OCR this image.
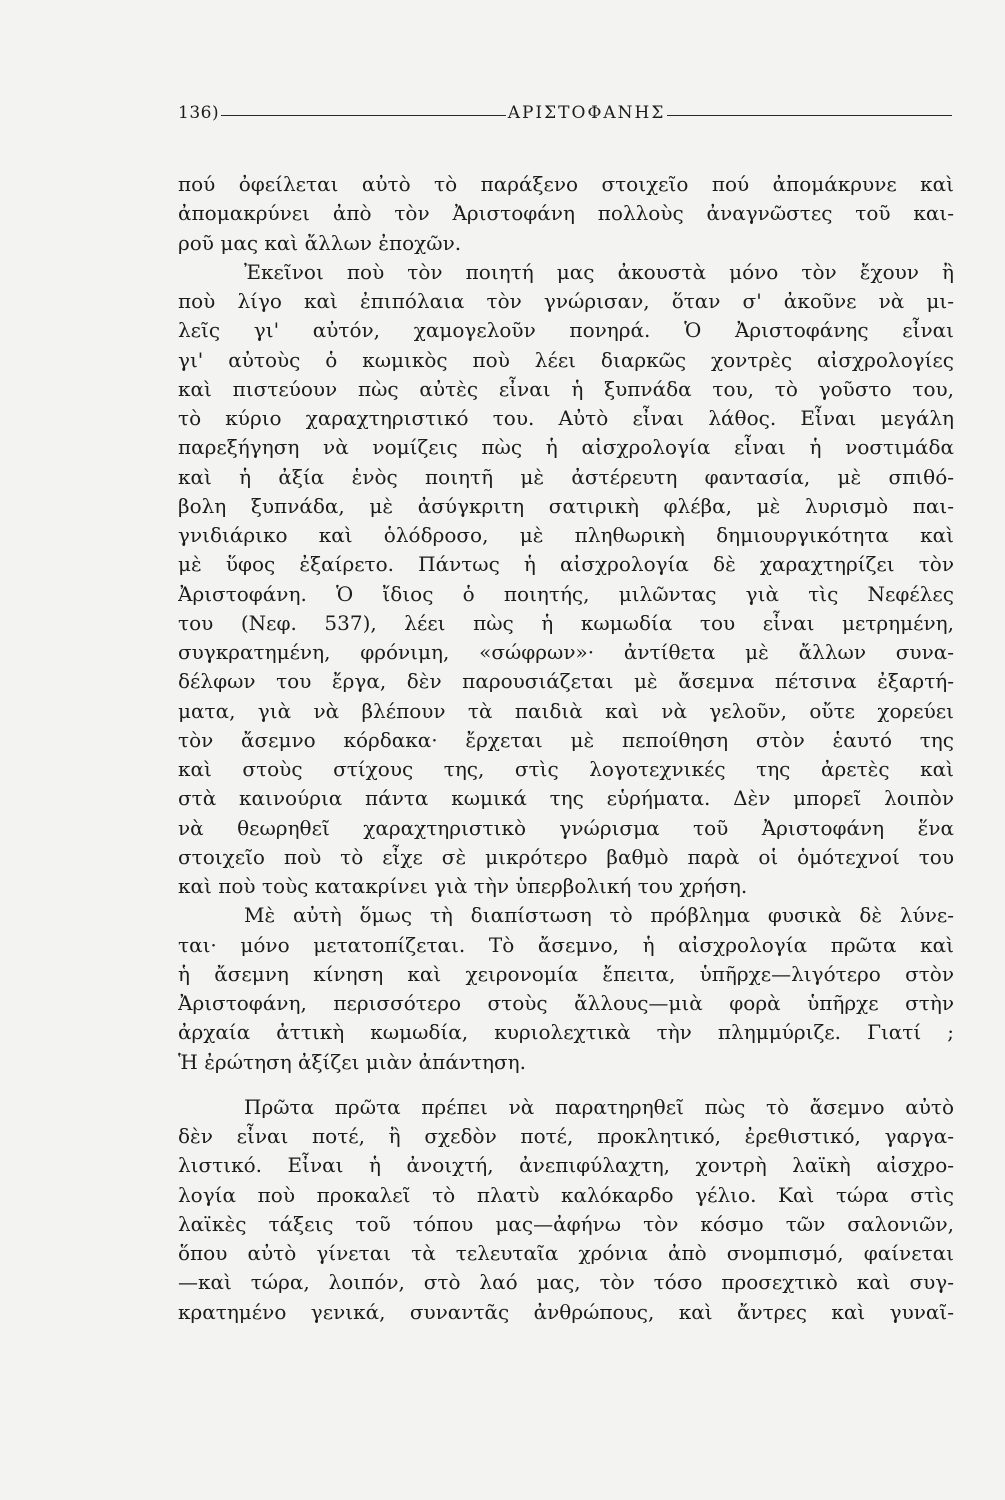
136)	ΑΡΙΣΤΟΦΑΝΗΣ
πού ὀφείλεται αὐτὸ τὸ παράξενο στοιχεῖο πού ἀπομάκρυνε καὶ
ἀπομακρύνει ἀπὸ τὸν Ἀριστοφάνη πολλοὺς ἀναγνῶστες τοῦ και-
ροῦ μας καὶ ἄλλων ἐποχῶν.
Ἐκεῖνοι ποὺ τὸν ποιητή μας ἀκουστὰ μόνο τὸν ἔχουν ἢ
ποὺ λίγο καὶ ἐπιπόλαια τὸν γνώρισαν, ὅταν σ' ἀκοῦνε νὰ μι-
λεῖς γι' αὐτόν, χαμογελοῦν πονηρά. Ὁ Ἀριστοφάνης εἶναι
γι' αὐτοὺς ὁ κωμικὸς ποὺ λέει διαρκῶς χοντρὲς αἰσχρολογίες
καὶ πιστεύουν πὼς αὐτὲς εἶναι ἡ ξυπνάδα του, τὸ γοῦστο του,
τὸ κύριο χαραχτηριστικό του. Αὐτὸ εἶναι λάθος. Εἶναι μεγάλη
παρεξήγηση νὰ νομίζεις πὼς ἡ αἰσχρολογία εἶναι ἡ νοστιμάδα
καὶ ἡ ἀξία ἑνὸς ποιητῆ μὲ ἀστέρευτη φαντασία, μὲ σπιθό-
βολη ξυπνάδα, μὲ ἀσύγκριτη σατιρικὴ φλέβα, μὲ λυρισμὸ παι-
γνιδιάρικο καὶ ὁλόδροσο, μὲ πληθωρικὴ δημιουργικότητα καὶ
μὲ ὕφος ἐξαίρετο. Πάντως ἡ αἰσχρολογία δὲ χαραχτηρίζει τὸν
Ἀριστοφάνη. Ὁ ἴδιος ὁ ποιητής, μιλῶντας γιὰ τὶς Νεφέλες
του (Νεφ. 537), λέει πὼς ἡ κωμωδία του εἶναι μετρημένη,
συγκρατημένη, φρόνιμη, «σώφρων»· ἀντίθετα μὲ ἄλλων συνα-
δέλφων του ἔργα, δὲν παρουσιάζεται μὲ ἄσεμνα πέτσινα ἐξαρτή-
ματα, γιὰ νὰ βλέπουν τὰ παιδιὰ καὶ νὰ γελοῦν, οὔτε χορεύει
τὸν ἄσεμνο κόρδακα· ἔρχεται μὲ πεποίθηση στὸν ἑαυτό της
καὶ στοὺς στίχους της, στὶς λογοτεχνικές της ἀρετὲς καὶ
στὰ καινούρια πάντα κωμικά της εὑρήματα. Δὲν μπορεῖ λοιπὸν
νὰ θεωρηθεῖ χαραχτηριστικὸ γνώρισμα τοῦ Ἀριστοφάνη ἕνα
στοιχεῖο ποὺ τὸ εἶχε σὲ μικρότερο βαθμὸ παρὰ οἱ ὁμότεχνοί του
καὶ ποὺ τοὺς κατακρίνει γιὰ τὴν ὑπερβολική του χρήση.
Μὲ αὐτὴ ὅμως τὴ διαπίστωση τὸ πρόβλημα φυσικὰ δὲ λύνε-
ται· μόνο μετατοπίζεται. Τὸ ἄσεμνο, ἡ αἰσχρολογία πρῶτα καὶ
ἡ ἄσεμνη κίνηση καὶ χειρονομία ἔπειτα, ὑπῆρχε—λιγότερο στὸν
Ἀριστοφάνη, περισσότερο στοὺς ἄλλους—μιὰ φορὰ ὑπῆρχε στὴν
ἀρχαία ἀττικὴ κωμωδία, κυριολεχτικὰ τὴν πλημμύριζε. Γιατί ;
Ἡ ἐρώτηση ἀξίζει μιὰν ἀπάντηση.
Πρῶτα πρῶτα πρέπει νὰ παρατηρηθεῖ πὼς τὸ ἄσεμνο αὐτὸ
δὲν εἶναι ποτέ, ἢ σχεδὸν ποτέ, προκλητικό, ἐρεθιστικό, γαργα-
λιστικό. Εἶναι ἡ ἀνοιχτή, ἀνεπιφύλαχτη, χοντρὴ λαϊκὴ αἰσχρο-
λογία ποὺ προκαλεῖ τὸ πλατὺ καλόκαρδο γέλιο. Καὶ τώρα στὶς
λαϊκὲς τάξεις τοῦ τόπου μας—ἀφήνω τὸν κόσμο τῶν σαλονιῶν,
ὅπου αὐτὸ γίνεται τὰ τελευταῖα χρόνια ἀπὸ σνομπισμό, φαίνεται
—καὶ τώρα, λοιπόν, στὸ λαό μας, τὸν τόσο προσεχτικὸ καὶ συγ-
κρατημένο γενικά, συναντᾶς ἀνθρώπους, καὶ ἄντρες καὶ γυναῖ-
